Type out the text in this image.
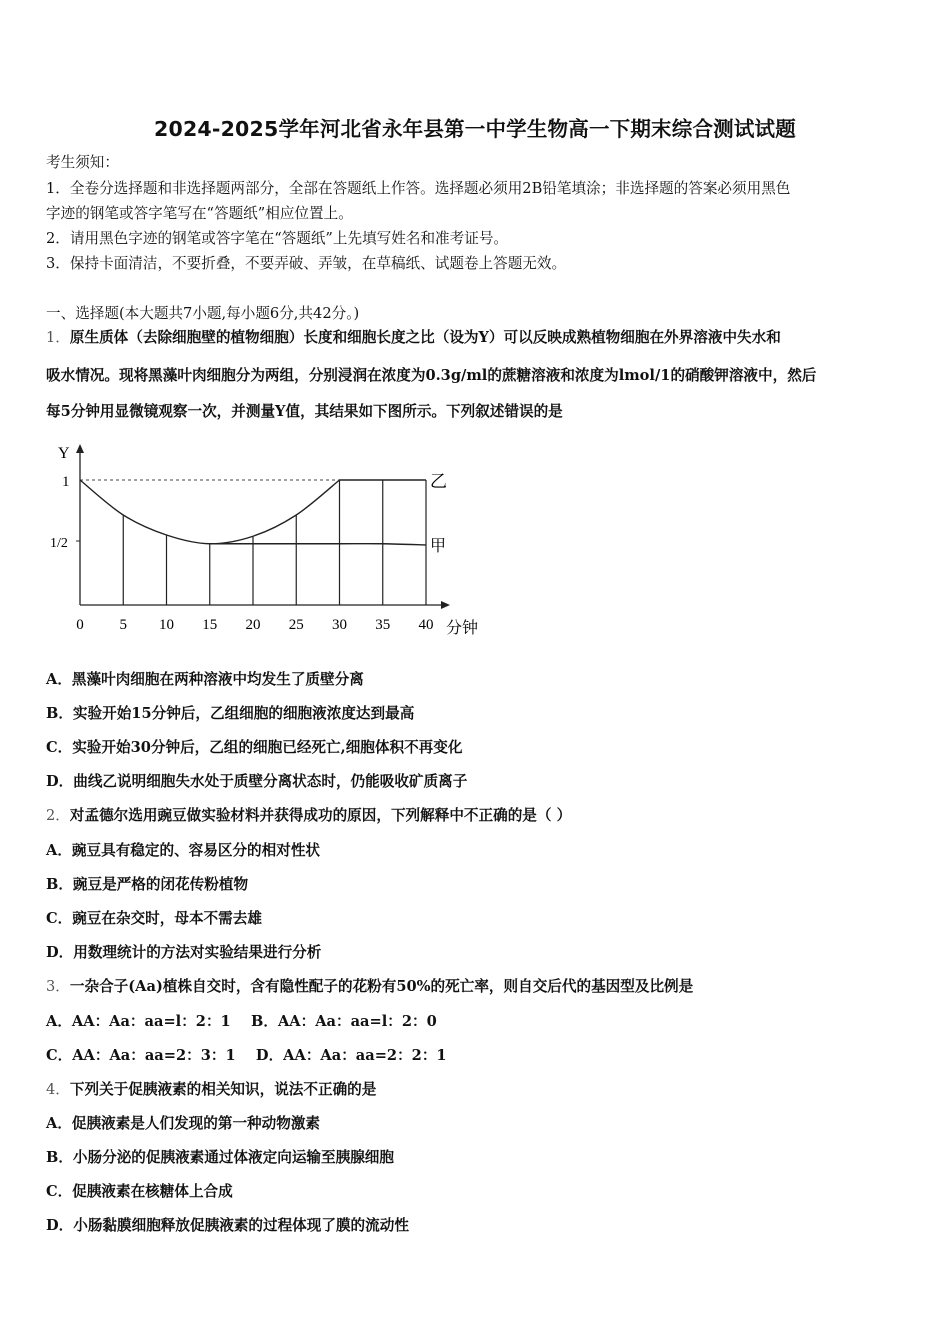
2024-2025学年河北省永年县第一中学生物高一下期末综合测试试题
考生须知：
1．全卷分选择题和非选择题两部分，全部在答题纸上作答。选择题必须用2B铅笔填涂；非选择题的答案必须用黑色
字迹的钢笔或答字笔写在“答题纸”相应位置上。
2．请用黑色字迹的钢笔或答字笔在“答题纸”上先填写姓名和准考证号。
3．保持卡面清洁，不要折叠，不要弄破、弄皱，在草稿纸、试题卷上答题无效。
一、选择题(本大题共7小题,每小题6分,共42分。)
1．原生质体（去除细胞壁的植物细胞）长度和细胞长度之比（设为Y）可以反映成熟植物细胞在外界溶液中失水和
吸水情况。现将黑藻叶肉细胞分为两组，分别浸润在浓度为0.3g/ml的蔗糖溶液和浓度为lmol/1的硝酸钾溶液中，然后
每5分钟用显微镜观察一次，并测量Y值，其结果如下图所示。下列叙述错误的是
Y
分钟
1
1/2
0 5 10 15 20 25 30 35 40
乙
甲
A．黑藻叶肉细胞在两种溶液中均发生了质壁分离
B．实验开始15分钟后，乙组细胞的细胞液浓度达到最高
C．实验开始30分钟后，乙组的细胞已经死亡,细胞体积不再变化
D．曲线乙说明细胞失水处于质壁分离状态时，仍能吸收矿质离子
2．对孟德尔选用豌豆做实验材料并获得成功的原因，下列解释中不正确的是（ ）
A．豌豆具有稳定的、容易区分的相对性状
B．豌豆是严格的闭花传粉植物
C．豌豆在杂交时，母本不需去雄
D．用数理统计的方法对实验结果进行分析
3．一杂合子(Aa)植株自交时，含有隐性配子的花粉有50%的死亡率，则自交后代的基因型及比例是
A．AA：Aa：aa=l：2：1    B．AA：Aa：aa=l：2：0
C．AA：Aa：aa=2：3：1    D．AA：Aa：aa=2：2：1
4．下列关于促胰液素的相关知识，说法不正确的是
A．促胰液素是人们发现的第一种动物激素
B．小肠分泌的促胰液素通过体液定向运输至胰腺细胞
C．促胰液素在核糖体上合成
D．小肠黏膜细胞释放促胰液素的过程体现了膜的流动性
